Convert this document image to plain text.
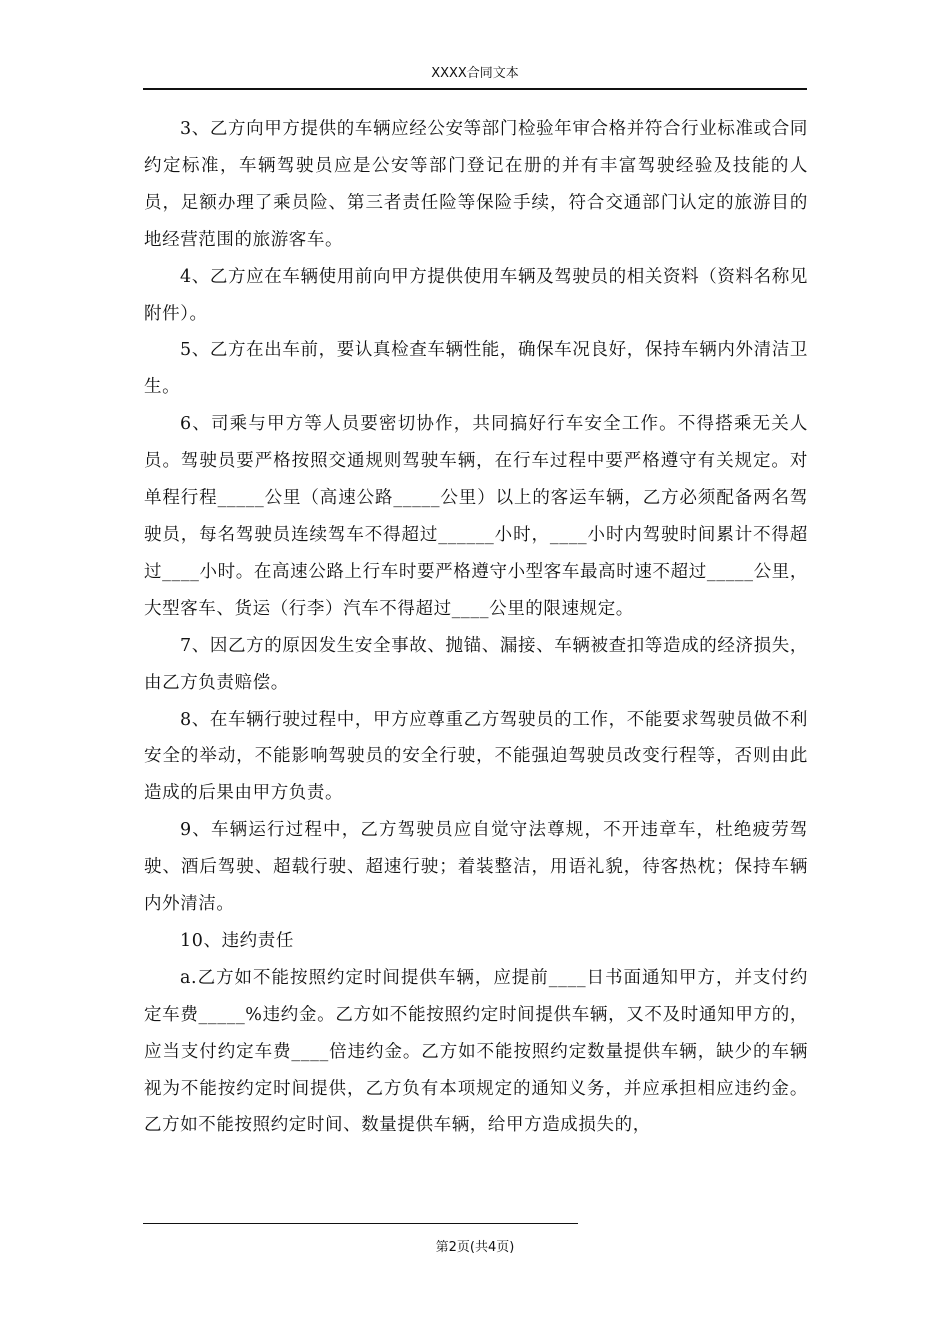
XXXX合同文本

3、乙方向甲方提供的车辆应经公安等部门检验年审合格并符合行业标准或合同约定标准，车辆驾驶员应是公安等部门登记在册的并有丰富驾驶经验及技能的人员，足额办理了乘员险、第三者责任险等保险手续，符合交通部门认定的旅游目的地经营范围的旅游客车。

4、乙方应在车辆使用前向甲方提供使用车辆及驾驶员的相关资料（资料名称见附件）。

5、乙方在出车前，要认真检查车辆性能，确保车况良好，保持车辆内外清洁卫生。

6、司乘与甲方等人员要密切协作，共同搞好行车安全工作。不得搭乘无关人员。驾驶员要严格按照交通规则驾驶车辆，在行车过程中要严格遵守有关规定。对单程行程_____公里（高速公路_____公里）以上的客运车辆，乙方必须配备两名驾驶员，每名驾驶员连续驾车不得超过______小时，____小时内驾驶时间累计不得超过____小时。在高速公路上行车时要严格遵守小型客车最高时速不超过_____公里，大型客车、货运（行李）汽车不得超过____公里的限速规定。

7、因乙方的原因发生安全事故、抛锚、漏接、车辆被查扣等造成的经济损失，由乙方负责赔偿。

8、在车辆行驶过程中，甲方应尊重乙方驾驶员的工作，不能要求驾驶员做不利安全的举动，不能影响驾驶员的安全行驶，不能强迫驾驶员改变行程等，否则由此造成的后果由甲方负责。

9、车辆运行过程中，乙方驾驶员应自觉守法尊规，不开违章车，杜绝疲劳驾驶、酒后驾驶、超载行驶、超速行驶；着装整洁，用语礼貌，待客热枕；保持车辆内外清洁。

10、违约责任

a.乙方如不能按照约定时间提供车辆，应提前____日书面通知甲方，并支付约定车费_____%违约金。乙方如不能按照约定时间提供车辆，又不及时通知甲方的，应当支付约定车费____倍违约金。乙方如不能按照约定数量提供车辆，缺少的车辆视为不能按约定时间提供，乙方负有本项规定的通知义务，并应承担相应违约金。乙方如不能按照约定时间、数量提供车辆，给甲方造成损失的，

第2页(共4页)
